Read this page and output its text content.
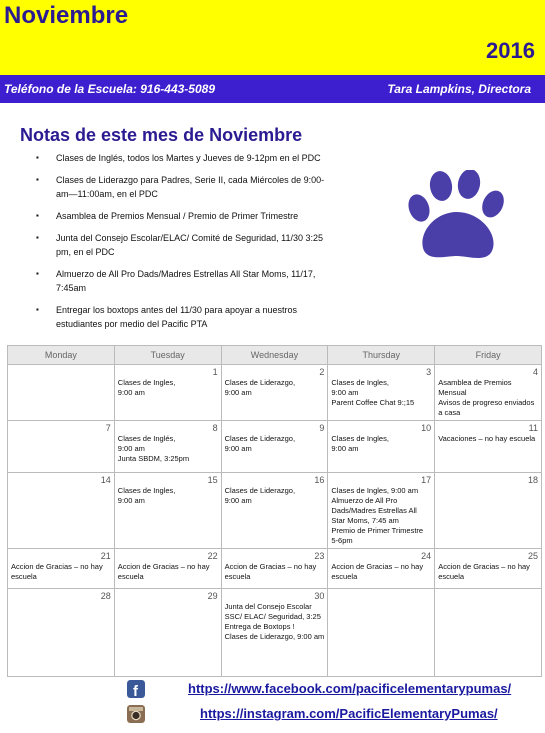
Noviembre
2016
Teléfono de la Escuela: 916-443-5089	Tara Lampkins, Directora
Notas de este mes de Noviembre
▪ Clases de Inglés, todos los Martes y Jueves de 9-12pm en el PDC
▪ Clases de Liderazgo para Padres, Serie II, cada Miércoles de 9:00-am—11:00am, en el PDC
▪ Asamblea de Premios Mensual / Premio de Primer Trimestre
▪ Junta del Consejo Escolar/ELAC/ Comité de Seguridad, 11/30 3:25 pm, en el PDC
▪ Almuerzo de All Pro Dads/Madres Estrellas All Star Moms, 11/17, 7:45am
▪ Entregar los boxtops antes del 11/30 para apoyar a nuestros estudiantes por medio del Pacific PTA
Monday	Tuesday	Wednesday	Thursday	Friday

	1
Clases de Ingles,
9:00 am	2
Clases de Liderazgo,
9:00 am	3
Clases de Ingles,
9:00 am
Parent Coffee Chat 9:;15	4
Asamblea de Premios Mensual
Avisos de progreso enviados a casa

7	8
Clases de Inglés,
9:00 am
Junta SBDM, 3:25pm	9
Clases de Liderazgo,
9:00 am	10
Clases de Ingles,
9:00 am	11
Vacaciones – no hay escuela

14	15
Clases de Ingles,
9:00 am	16
Clases de Liderazgo,
9:00 am	17
Clases de Ingles, 9:00 am
Almuerzo de All Pro Dads/Madres Estrellas All Star Moms, 7:45 am
Premio de Primer Trimestre 5-6pm	18

21
Accion de Gracias – no hay escuela	22
Accion de Gracias – no hay escuela	23
Accion de Gracias – no hay escuela	24
Accion de Gracias – no hay escuela	25
Accion de Gracias – no hay escuela

28	29	30
Junta del Consejo Escolar SSC/ ELAC/ Seguridad, 3:25
Entrega de Boxtops !
Clases de Liderazgo, 9:00 am		

f	https://www.facebook.com/pacificelementarypumas/
https://instagram.com/PacificElementaryPumas/
